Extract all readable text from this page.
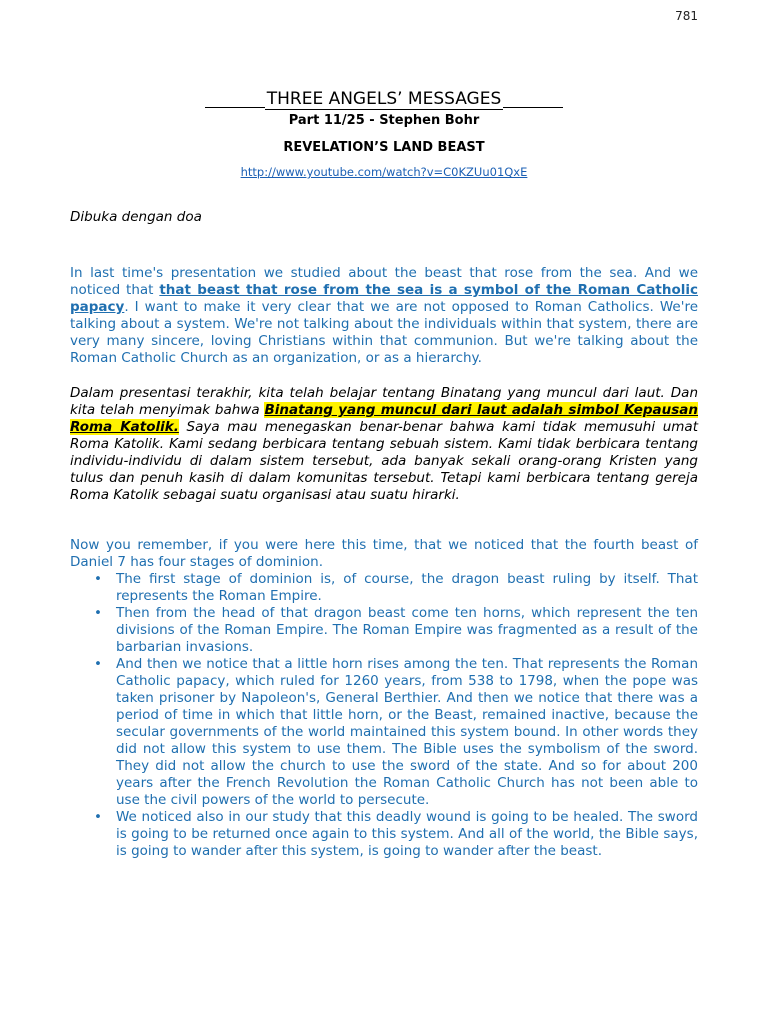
781
THREE ANGELS’ MESSAGES
Part 11/25 - Stephen Bohr
REVELATION’S LAND BEAST
http://www.youtube.com/watch?v=C0KZUu01QxE
Dibuka dengan doa
In last time's presentation we studied about the beast that rose from the sea. And we noticed that that beast that rose from the sea is a symbol of the Roman Catholic papacy. I want to make it very clear that we are not opposed to Roman Catholics. We're talking about a system. We're not talking about the individuals within that system, there are very many sincere, loving Christians within that communion. But we're talking about the Roman Catholic Church as an organization, or as a hierarchy.
Dalam presentasi terakhir, kita telah belajar tentang Binatang yang muncul dari laut. Dan kita telah menyimak bahwa Binatang yang muncul dari laut adalah simbol Kepausan Roma Katolik. Saya mau menegaskan benar-benar bahwa kami tidak memusuhi umat Roma Katolik. Kami sedang berbicara tentang sebuah sistem. Kami tidak berbicara tentang individu-individu di dalam sistem tersebut, ada banyak sekali orang-orang Kristen yang tulus dan penuh kasih di dalam komunitas tersebut. Tetapi kami berbicara tentang gereja Roma Katolik sebagai suatu organisasi atau suatu hirarki.
Now you remember, if you were here this time, that we noticed that the fourth beast of Daniel 7 has four stages of dominion.
• The first stage of dominion is, of course, the dragon beast ruling by itself. That represents the Roman Empire.
• Then from the head of that dragon beast come ten horns, which represent the ten divisions of the Roman Empire. The Roman Empire was fragmented as a result of the barbarian invasions.
• And then we notice that a little horn rises among the ten. That represents the Roman Catholic papacy, which ruled for 1260 years, from 538 to 1798, when the pope was taken prisoner by Napoleon's, General Berthier. And then we notice that there was a period of time in which that little horn, or the Beast, remained inactive, because the secular governments of the world maintained this system bound. In other words they did not allow this system to use them. The Bible uses the symbolism of the sword. They did not allow the church to use the sword of the state. And so for about 200 years after the French Revolution the Roman Catholic Church has not been able to use the civil powers of the world to persecute.
• We noticed also in our study that this deadly wound is going to be healed. The sword is going to be returned once again to this system. And all of the world, the Bible says, is going to wander after this system, is going to wander after the beast.
